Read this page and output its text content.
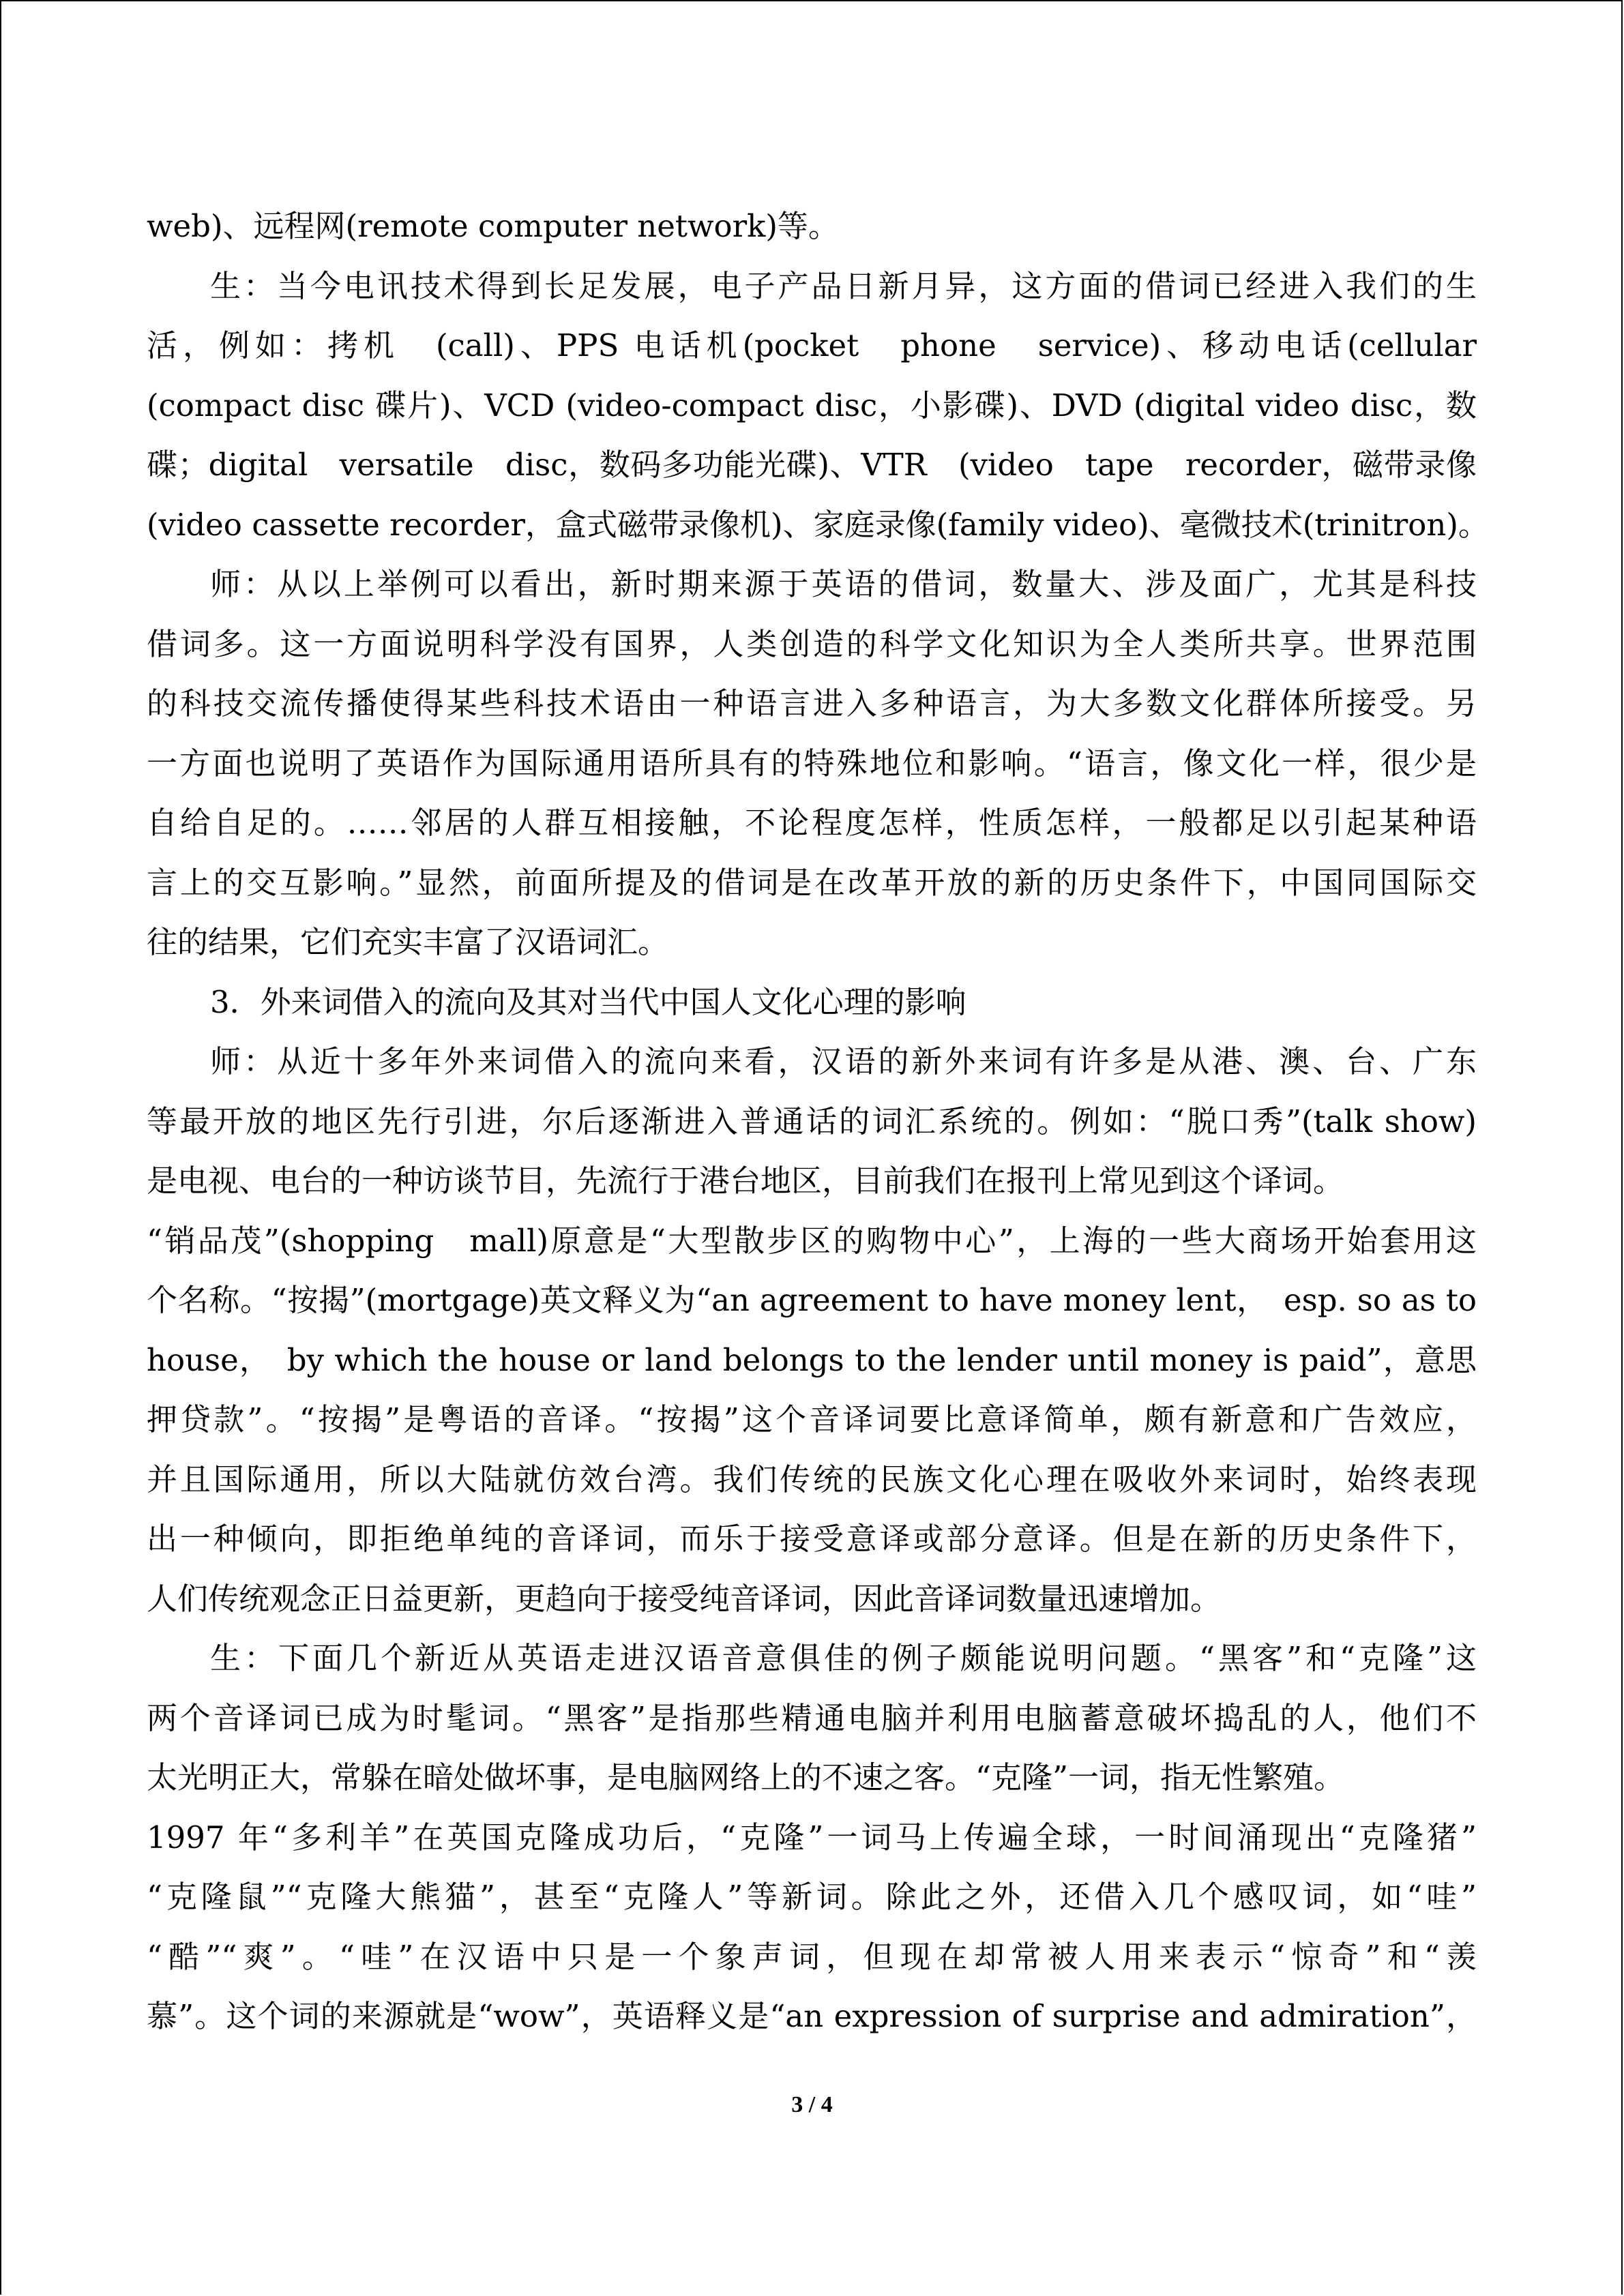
web)、远程网(remote computer network)等。
生：当今电讯技术得到长足发展，电子产品日新月异，这方面的借词已经进入我们的生
活，例如：拷机　(call)、PPS 电话机(pocket　phone　service)、移动电话(cellular　
(compact disc 碟片)、VCD (video-compact disc，小影碟)、DVD (digital video disc，数
碟；digital　versatile　disc，数码多功能光碟)、VTR　(video　tape　recorder，磁带录像
(video cassette recorder，盒式磁带录像机)、家庭录像(family video)、毫微技术(trinitron)。
师：从以上举例可以看出，新时期来源于英语的借词，数量大、涉及面广，尤其是科技
借词多。这一方面说明科学没有国界，人类创造的科学文化知识为全人类所共享。世界范围
的科技交流传播使得某些科技术语由一种语言进入多种语言，为大多数文化群体所接受。另
一方面也说明了英语作为国际通用语所具有的特殊地位和影响。“语言，像文化一样，很少是
自给自足的。……邻居的人群互相接触，不论程度怎样，性质怎样，一般都足以引起某种语
言上的交互影响。”显然，前面所提及的借词是在改革开放的新的历史条件下，中国同国际交
往的结果，它们充实丰富了汉语词汇。
3．外来词借入的流向及其对当代中国人文化心理的影响
师：从近十多年外来词借入的流向来看，汉语的新外来词有许多是从港、澳、台、广东
等最开放的地区先行引进，尔后逐渐进入普通话的词汇系统的。例如：“脱口秀”(talk show)
是电视、电台的一种访谈节目，先流行于港台地区，目前我们在报刊上常见到这个译词。
“销品茂”(shopping　mall)原意是“大型散步区的购物中心”，上海的一些大商场开始套用这
个名称。“按揭”(mortgage)英文释义为“an agreement to have money lent，　esp. so as to
house，　by which the house or land belongs to the lender until money is paid”，意思
押贷款”。“按揭”是粤语的音译。“按揭”这个音译词要比意译简单，颇有新意和广告效应，
并且国际通用，所以大陆就仿效台湾。我们传统的民族文化心理在吸收外来词时，始终表现
出一种倾向，即拒绝单纯的音译词，而乐于接受意译或部分意译。但是在新的历史条件下，
人们传统观念正日益更新，更趋向于接受纯音译词，因此音译词数量迅速增加。
生：下面几个新近从英语走进汉语音意俱佳的例子颇能说明问题。“黑客”和“克隆”这
两个音译词已成为时髦词。“黑客”是指那些精通电脑并利用电脑蓄意破坏捣乱的人，他们不
太光明正大，常躲在暗处做坏事，是电脑网络上的不速之客。“克隆”一词，指无性繁殖。
1997 年“多利羊”在英国克隆成功后，“克隆”一词马上传遍全球，一时间涌现出“克隆猪”
“克隆鼠”“克隆大熊猫”，甚至“克隆人”等新词。除此之外，还借入几个感叹词，如“哇”
“酷”“爽”。“哇”在汉语中只是一个象声词，但现在却常被人用来表示“惊奇”和“羡
慕”。这个词的来源就是“wow”，英语释义是“an expression of surprise and admiration”，
3 / 4
